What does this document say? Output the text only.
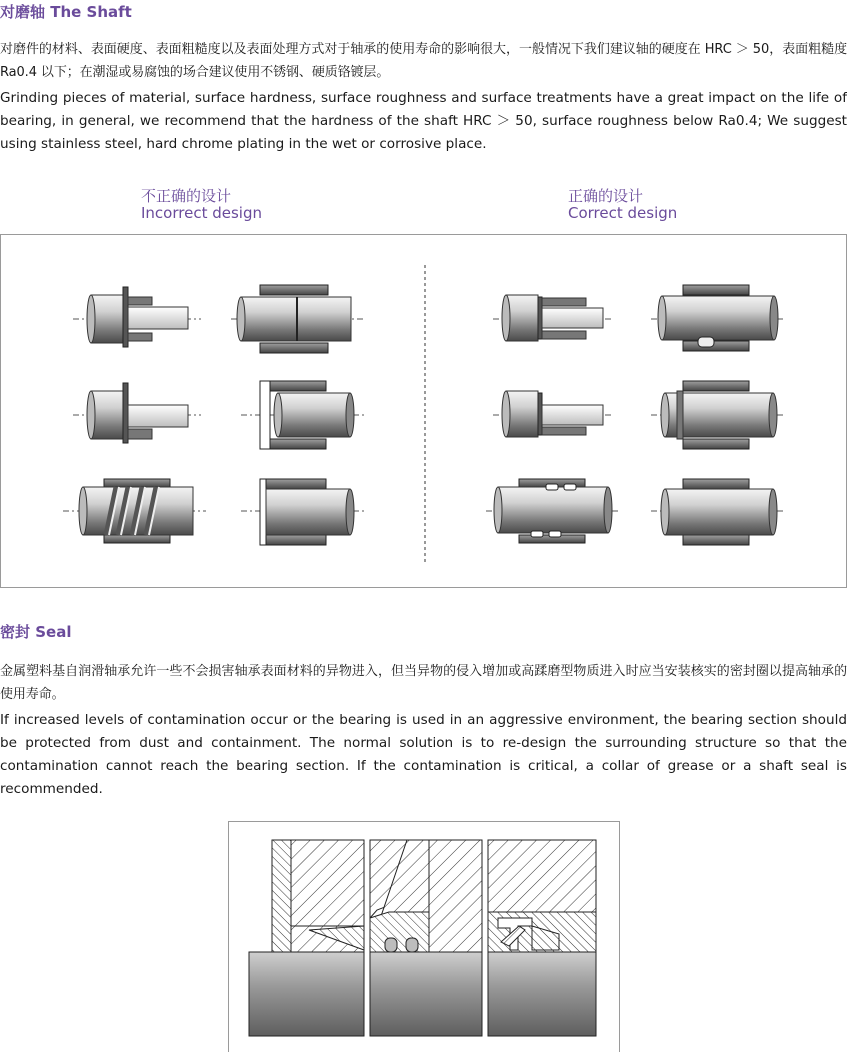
对磨轴 The Shaft

对磨件的材料、表面硬度、表面粗糙度以及表面处理方式对于轴承的使用寿命的影响很大，一般情况下我们建议轴的硬度在 HRC ＞ 50，表面粗糙度 Ra0.4 以下；在潮湿或易腐蚀的场合建议使用不锈钢、硬质铬镀层。

Grinding pieces of material, surface hardness, surface roughness and surface treatments have a great impact on the life of bearing, in general, we recommend that the hardness of the shaft HRC ＞ 50, surface roughness below Ra0.4; We suggest using stainless steel, hard chrome plating in the wet or corrosive place.

不正确的设计
Incorrect design
正确的设计
Correct design
密封 Seal

金属塑料基自润滑轴承允许一些不会损害轴承表面材料的异物进入，但当异物的侵入增加或高蹂磨型物质进入时应当安装核实的密封圈以提高轴承的使用寿命。

If increased levels of contamination occur or the bearing is used in an aggressive environment, the bearing section should be protected from dust and containment. The normal solution is to re-design the surrounding structure so that the contamination cannot reach the bearing section. If the contamination is critical, a collar of grease or a shaft seal is recommended.
